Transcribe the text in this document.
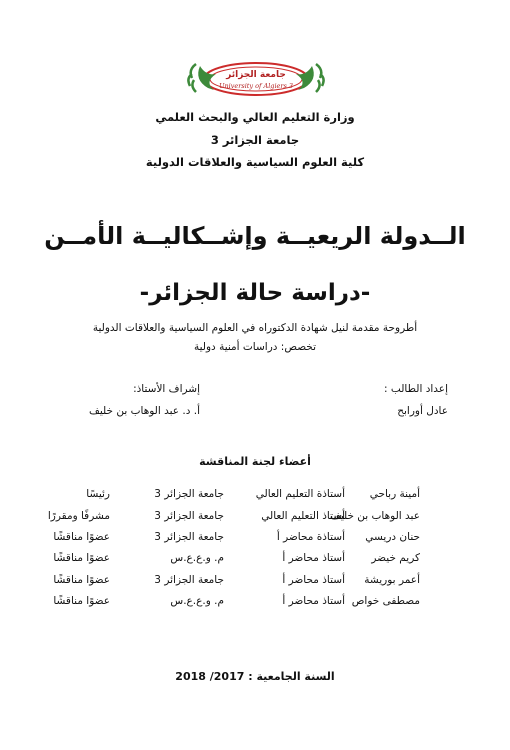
جامعة الجزائر
University of Algiers 3
وزارة التعليم العالي والبحث العلمي
جامعة الجزائر 3
كلية العلوم السياسية والعلاقات الدولية
الــدولة الريعيــة وإشــكاليــة الأمــن
-دراسة حالة الجزائر-
أطروحة مقدمة لنيل شهادة الدكتوراه في العلوم السياسية والعلاقات الدولية
تخصص: دراسات أمنية دولية
إعداد الطالب :
عادل أورابح
إشراف الأستاذ:
أ. د. عبد الوهاب بن خليف
أعضاء لجنة المناقشة
أمينة رباحي
أستاذة التعليم العالي
جامعة الجزائر 3
رئيسًا
عبد الوهاب بن خليف
أستاذ التعليم العالي
جامعة الجزائر 3
مشرفًا ومقررًا
حنان دريسي
أستاذة محاضر أ
جامعة الجزائر 3
عضوًا مناقشًا
كريم خيضر
أستاذ محاضر أ
م. و.ع.ع.س
عضوًا مناقشًا
أعمر بوريشة
أستاذ محاضر أ
جامعة الجزائر 3
عضوًا مناقشًا
مصطفى خواص
أستاذ محاضر أ
م. و.ع.ع.س
عضوًا مناقشًا
السنة الجامعية : 2017/ 2018
